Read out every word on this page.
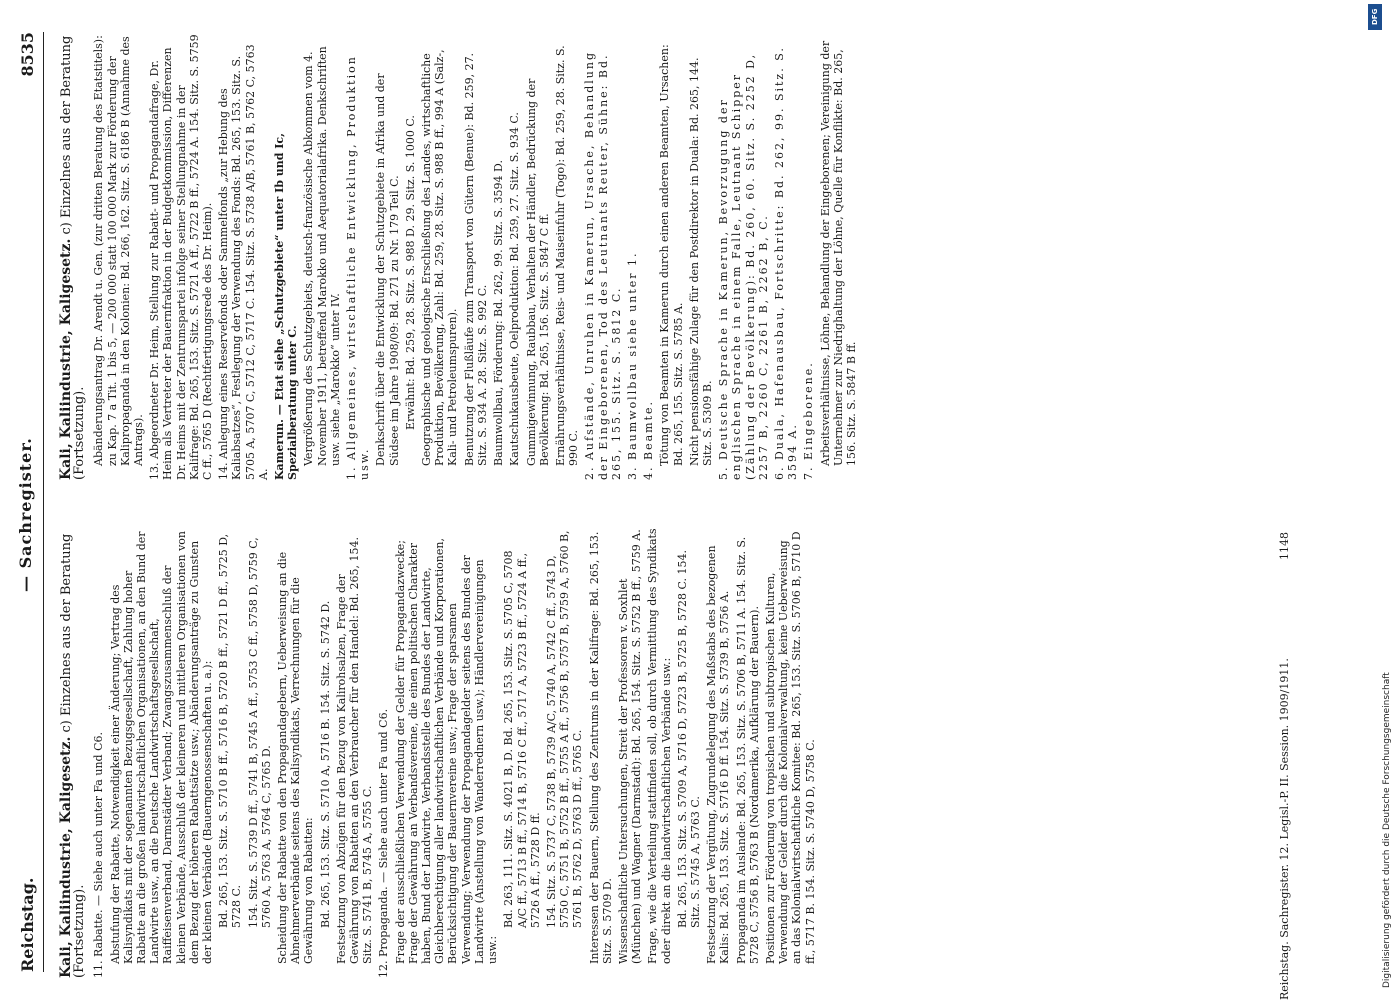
Reichstag.
— Sachregister.
8535
Kali, Kaliindustrie, Kaligesetz. c) Einzelnes aus der Beratung (Fortsetzung). 11. Rabatte. — Siehe auch unter Fa und C6. Abstufung der Rabatte, Notwendigkeit einer Änderung; Vertrag des Kalisyndikats mit der sogenannten Bezugsgesellschaft, Zahlung hoher Rabatte an die großen landwirtschaftlichen Organisationen, an den Bund der Landwirte usw., an die Deutsche Landwirtschaftsgesellschaft, Raiffeisenverband, Darmstädter Verband; Zwangszusammenschluß der kleinen Verbände, Ausschluß der kleineren und mittleren Organisationen von dem Bezug der höheren Rabattsätze usw.; Abänderungsanträge zu Gunsten der kleinen Verbände (Bauerngenossenschaften u. a.): Bd. 265, 153. Sitz. S. 5710 B ff., 5716 B, 5720 B ff., 5721 D ff., 5725 D, 5728 C. 154. Sitz. S. 5739 D ff., 5741 B, 5745 A ff., 5753 C ff., 5758 D, 5759 C, 5760 A, 5763 A, 5764 C, 5765 D. Scheidung der Rabatte von den Propagandagebern, Ueberweisung an die Abnehmerverbände seitens des Kalisyndikats, Verrechnungen für die Gewährung von Rabatten: Bd. 265, 153. Sitz. S. 5710 A, 5716 B. 154. Sitz. S. 5742 D. Festsetzung von Abzügen für den Bezug von Kalirohsalzen, Frage der Gewährung von Rabatten an den Verbraucher für den Handel: Bd. 265, 154. Sitz. S. 5741 B, 5745 A, 5755 C. 12. Propaganda. — Siehe auch unter Fa und C6. Frage der ausschließlichen Verwendung der Gelder für Propagandazwecke; Frage der Gewährung an Verbandsvereine, die einen politischen Charakter haben, Bund der Landwirte, Verbandsstelle des Bundes der Landwirte, Gleichberechtigung aller landwirtschaftlichen Verbände und Korporationen, Berücksichtigung der Bauernvereine usw.; Frage der sparsamen Verwendung; Verwendung der Propagandagelder seitens des Bundes der Landwirte (Anstellung von Wanderrednern usw.); Händlervereinigungen usw.:

Bd. 263, 111. Sitz. S. 4021 B, D. Bd. 265, 153. Sitz. S. 5705 C, 5708 A/C ff., 5713 B ff., 5714 B, 5716 C ff., 5717 A, 5723 B ff., 5724 A ff., 5726 A ff., 5728 D ff. 154. Sitz. S. 5737 C, 5738 B, 5739 A/C, 5740 A, 5742 C ff., 5743 D, 5750 C, 5751 B, 5752 B ff., 5755 A ff., 5756 B, 5757 B, 5759 A, 5760 B, 5761 B, 5762 D, 5763 D ff., 5765 C. Interessen der Bauern, Stellung des Zentrums in der Kalifrage: Bd. 265, 153. Sitz. S. 5709 D. Wissenschaftliche Untersuchungen, Streit der Professoren v. Soxhlet (München) und Wagner (Darmstadt): Bd. 265, 154. Sitz. S. 5752 B ff., 5759 A. Frage, wie die Verteilung stattfinden soll, ob durch Vermittlung des Syndikats oder direkt an die landwirtschaftlichen Verbände usw.: Bd. 265, 153. Sitz. S. 5709 A, 5716 D, 5723 B, 5725 B, 5728 C. 154. Sitz. S. 5745 A, 5763 C. Festsetzung der Vergütung, Zugrundelegung des Maßstabs des bezogenen Kalis: Bd. 265, 153. Sitz. S. 5716 D ff. 154. Sitz. S. 5739 B, 5756 A. Propaganda im Auslande: Bd. 265, 153. Sitz. S. 5706 B, 5711 A. 154. Sitz. S. 5728 C, 5756 B, 5763 B (Nordamerika, Aufklärung der Bauern). Positionen zur Förderung von tropischen und subtropischen Kulturen, Verwendung der Gelder durch die Kolonialverwaltung, keine Ueberweisung an das Kolonialwirtschaftliche Komitee: Bd. 265, 153. Sitz. S. 5706 B, 5710 D ff., 5717 B. 154. Sitz. S. 5740 D, 5758 C.

Kali, Kaliindustrie, Kaligesetz. c) Einzelnes aus der Beratung (Fortsetzung). Abänderungsantrag Dr. Arendt u. Gen. (zur dritten Beratung des Etatstitels): zu Kap. 7 a Tit. 1 bis 5, — 200 000 statt 100 000 Mark zur Förderung der Kalipropaganda in den Kolonien: Bd. 266, 162. Sitz. S. 6186 B (Annahme des Antrags). 13. Abgeordneter Dr. Heim, Stellung zur Rabatt- und Propagandafrage, Dr. Heim als Vertreter der Bauernfraktion in der Budgetkommission, Differenzen Dr. Heims mit der Zentrumspartei infolge seiner Stellungnahme in der Kalifrage: Bd. 265, 153. Sitz. S. 5721 A ff., 5722 B ff., 5724 A. 154. Sitz. S. 5759 C ff., 5765 D (Rechtfertigungsrede des Dr. Heim). 14. Anlegung eines Reservefonds oder Sammelfonds „zur Hebung des Kaliabsatzes“, Festlegung der Verwendung des Fonds: Bd. 265, 153. Sitz. S. 5705 A, 5707 C, 5712 C, 5717 C. 154. Sitz. S. 5738 A/B, 5761 B, 5762 C, 5763 A. Kamerun. — Etat siehe „Schutzgebiete“ unter Ib und Ic, Spezialberatung unter C. Vergrößerung des Schutzgebiets, deutsch-französische Abkommen vom 4. November 1911, betreffend Marokko und Aequatorialafrika. Denkschriften usw. siehe „Marokko“ unter IV. 1. Allgemeines, wirtschaftliche Entwicklung, Produktion usw. Denkschrift über die Entwicklung der Schutzgebiete in Afrika und der Südsee im Jahre 1908/09: Bd. 271 zu Nr. 179 Teil C. Erwähnt: Bd. 259, 28. Sitz. S. 988 D. 29. Sitz. S. 1000 C. Geographische und geologische Erschließung des Landes, wirtschaftliche Produktion, Bevölkerung, Zahl: Bd. 259, 28. Sitz. S. 988 B ff., 994 A (Salz-, Kali- und Petroleumspuren). Benutzung der Flußläufe zum Transport von Gütern (Benue): Bd. 259, 27. Sitz. S. 934 A. 28. Sitz. S. 992 C. Baumwollbau, Förderung: Bd. 262, 99. Sitz. S. 3594 D. Kautschukausbeute, Oelproduktion: Bd. 259, 27. Sitz. S. 934 C. Gummigewinnung, Raubbau, Verhalten der Händler, Bedrückung der Bevölkerung: Bd. 265, 156. Sitz. S. 5847 C ff. Ernährungsverhältnisse, Reis- und Maiseinfuhr (Togo): Bd. 259, 28. Sitz. S. 990 C. 2. Aufstände, Unruhen in Kamerun, Ursache, Behandlung der Eingeborenen, Tod des Leutnants Reuter, Sühne: Bd. 265, 155. Sitz. S. 5812 C. 3. Baumwollbau siehe unter 1. 4. Beamte. Tötung von Beamten in Kamerun durch einen anderen Beamten, Ursachen: Bd. 265, 155. Sitz. S. 5785 A. Nicht pensionsfähige Zulage für den Postdirektor in Duala: Bd. 265, 144. Sitz. S. 5309 B. 5. Deutsche Sprache in Kamerun, Bevorzugung der englischen Sprache in einem Falle, Leutnant Schipper (Zählung der Bevölkerung): Bd. 260, 60. Sitz. S. 2252 D, 2257 B, 2260 C, 2261 B, 2262 B, C. 6. Duala, Hafenausbau, Fortschritte: Bd. 262, 99. Sitz. S. 3594 A. 7. Eingeborene. Arbeitsverhältnisse, Löhne, Behandlung der Eingeborenen; Vereinigung der Unternehmer zur Niedrighaltung der Löhne, Quelle für Konflikte: Bd. 265, 156. Sitz. S. 5847 B ff.

Reichstag. Sachregister. 12. Legisl.-P. II. Session. 1909/1911.
1148
DFG
Digitalisierung gefördert durch die Deutsche Forschungsgemeinschaft
